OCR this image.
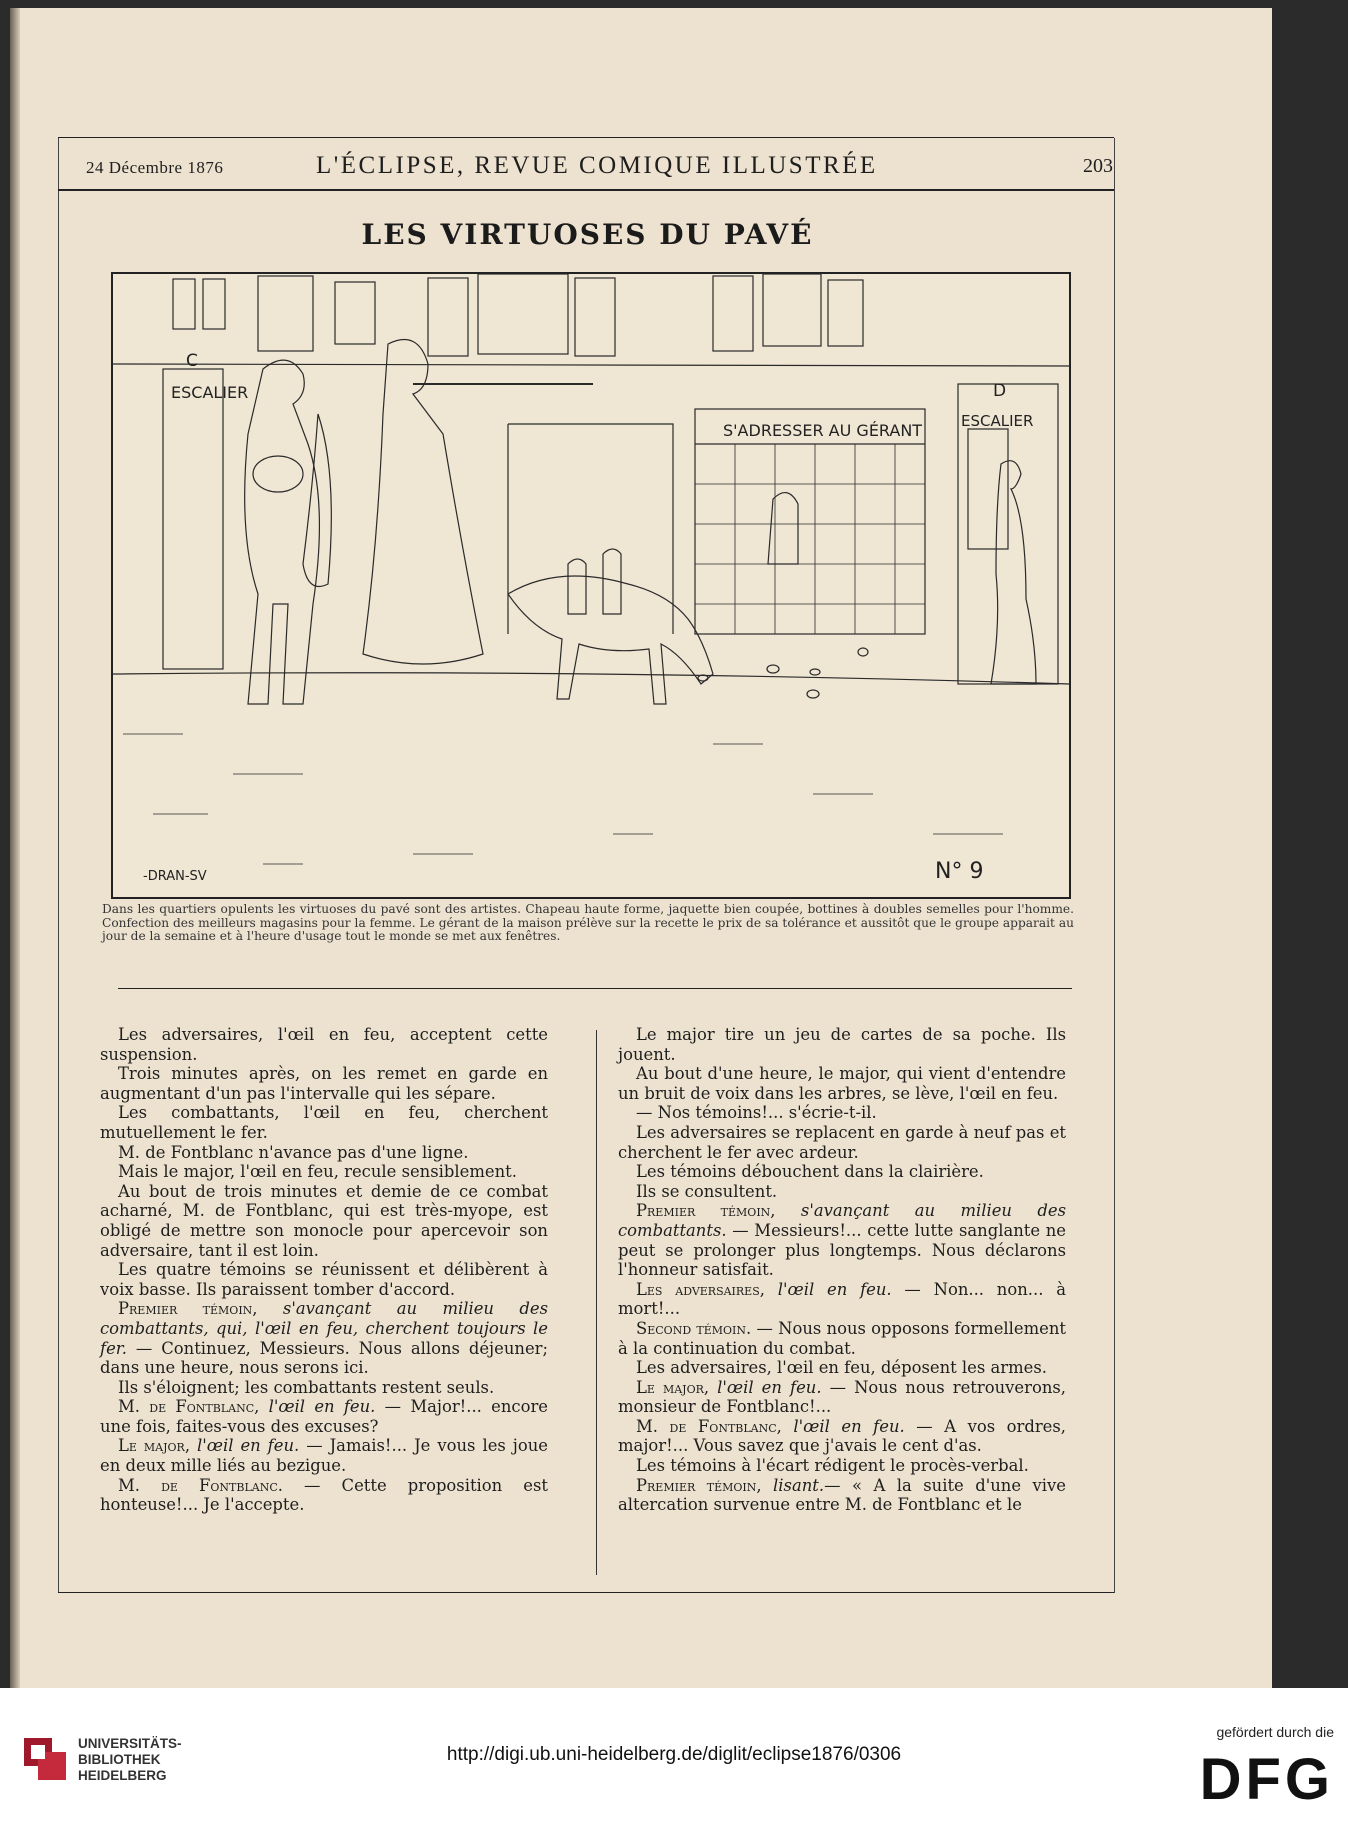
24 Décembre 1876	L'ÉCLIPSE, REVUE COMIQUE ILLUSTRÉE	203
LES VIRTUOSES DU PAVÉ
C
ESCALIER	D
ESCALIER
S'ADRESSER AU GÉRANT
-DRAN-SV	N° 9
Dans les quartiers opulents les virtuoses du pavé sont des artistes. Chapeau haute forme, jaquette bien coupée, bottines à doubles semelles pour l'homme. Confection des meilleurs magasins pour la femme. Le gérant de la maison prélève sur la recette le prix de sa tolérance et aussitôt que le groupe apparait au jour de la semaine et à l'heure d'usage tout le monde se met aux fenêtres.

Les adversaires, l'œil en feu, acceptent cette suspension.

Trois minutes après, on les remet en garde en augmentant d'un pas l'intervalle qui les sépare.

Les combattants, l'œil en feu, cherchent mutuellement le fer.

M. de Fontblanc n'avance pas d'une ligne.

Mais le major, l'œil en feu, recule sensiblement.

Au bout de trois minutes et demie de ce combat acharné, M. de Fontblanc, qui est très-myope, est obligé de mettre son monocle pour apercevoir son adversaire, tant il est loin.

Les quatre témoins se réunissent et délibèrent à voix basse. Ils paraissent tomber d'accord.

Premier témoin, s'avançant au milieu des combattants, qui, l'œil en feu, cherchent toujours le fer. — Continuez, Messieurs. Nous allons déjeuner; dans une heure, nous serons ici.

Ils s'éloignent; les combattants restent seuls.

M. de Fontblanc, l'œil en feu. — Major!... encore une fois, faites-vous des excuses?

Le major, l'œil en feu. — Jamais!... Je vous les joue en deux mille liés au bezigue.

M. de Fontblanc. — Cette proposition est honteuse!... Je l'accepte.

Le major tire un jeu de cartes de sa poche. Ils jouent.

Au bout d'une heure, le major, qui vient d'entendre un bruit de voix dans les arbres, se lève, l'œil en feu.

— Nos témoins!... s'écrie-t-il.

Les adversaires se replacent en garde à neuf pas et cherchent le fer avec ardeur.

Les témoins débouchent dans la clairière.

Ils se consultent.

Premier témoin, s'avançant au milieu des combattants. — Messieurs!... cette lutte sanglante ne peut se prolonger plus longtemps. Nous déclarons l'honneur satisfait.

Les adversaires, l'œil en feu. — Non... non... à mort!...

Second témoin. — Nous nous opposons formellement à la continuation du combat.

Les adversaires, l'œil en feu, déposent les armes.

Le major, l'œil en feu. — Nous nous retrouverons, monsieur de Fontblanc!...

M. de Fontblanc, l'œil en feu. — A vos ordres, major!... Vous savez que j'avais le cent d'as.

Les témoins à l'écart rédigent le procès-verbal.

Premier témoin, lisant.— « A la suite d'une vive altercation survenue entre M. de Fontblanc et le

UNIVERSITÄTS-
BIBLIOTHEK
HEIDELBERG
http://digi.ub.uni-heidelberg.de/diglit/eclipse1876/0306
gefördert durch die
DFG
